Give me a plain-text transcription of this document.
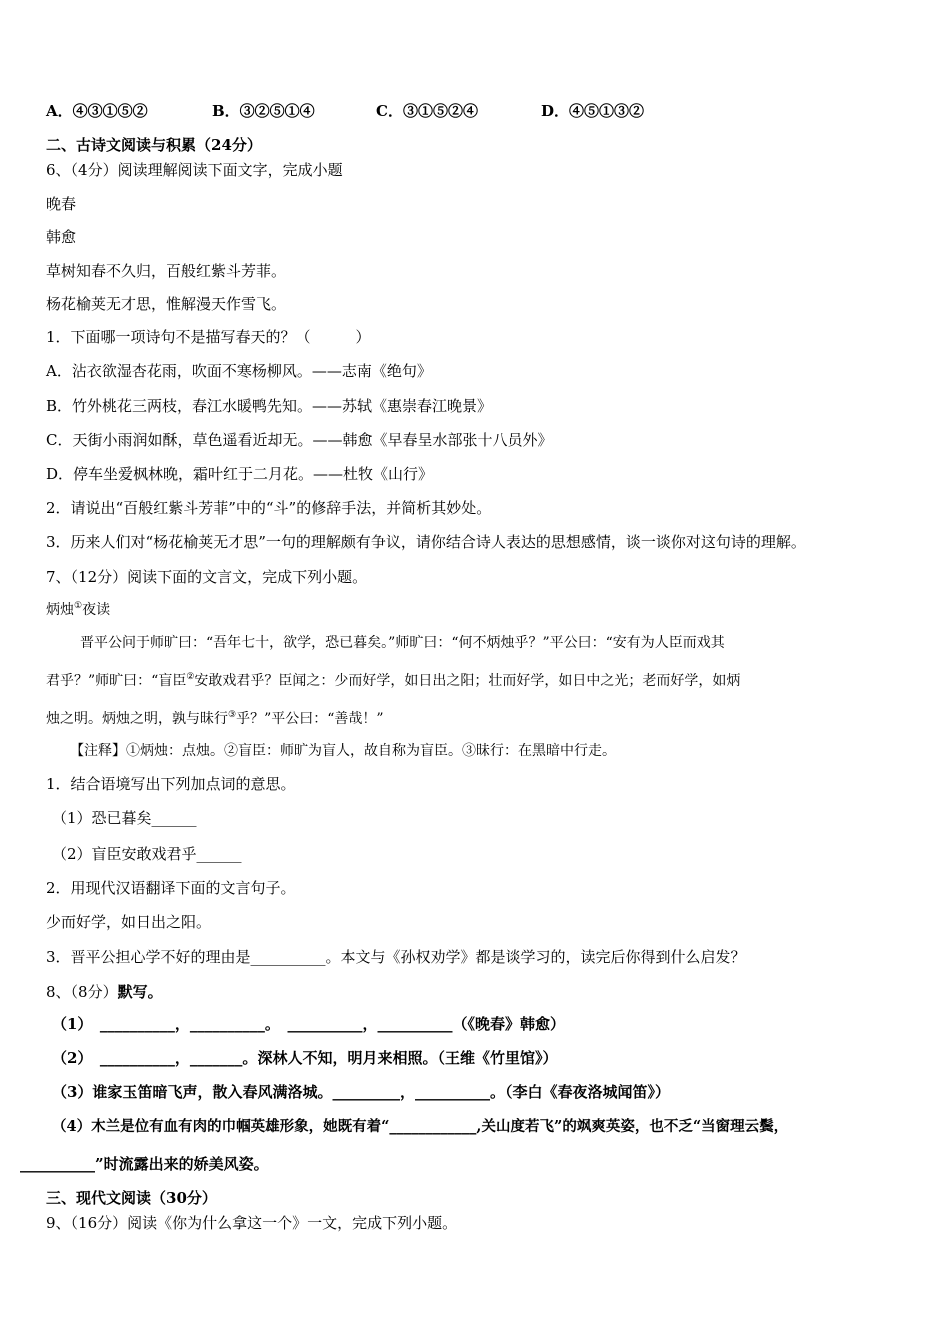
A．④③①⑤②	B．③②⑤①④	C．③①⑤②④	D．④⑤①③②
二、古诗文阅读与积累（24分）
6、（4分）阅读理解阅读下面文字，完成小题
晚春
韩愈
草树知春不久归，百般红紫斗芳菲。
杨花榆荚无才思，惟解漫天作雪飞。
1．下面哪一项诗句不是描写春天的？（　　　）
A．沾衣欲湿杏花雨，吹面不寒杨柳风。——志南《绝句》
B．竹外桃花三两枝，春江水暖鸭先知。——苏轼《惠崇春江晚景》
C．天街小雨润如酥，草色遥看近却无。——韩愈《早春呈水部张十八员外》
D．停车坐爱枫林晚，霜叶红于二月花。——杜牧《山行》
2．请说出“百般红紫斗芳菲”中的“斗”的修辞手法，并简析其妙处。
3．历来人们对“杨花榆荚无才思”一句的理解颇有争议，请你结合诗人表达的思想感情，谈一谈你对这句诗的理解。
7、（12分）阅读下面的文言文，完成下列小题。
炳烛①夜读
晋平公问于师旷曰：“吾年七十，欲学，恐已暮矣。”师旷曰：“何不炳烛乎？”平公曰：“安有为人臣而戏其
君乎？”师旷曰：“盲臣②安敢戏君乎？臣闻之：少而好学，如日出之阳；壮而好学，如日中之光；老而好学，如炳
烛之明。炳烛之明，孰与昧行③乎？”平公曰：“善哉！”
【注释】①炳烛：点烛。②盲臣：师旷为盲人，故自称为盲臣。③昧行：在黑暗中行走。
1．结合语境写出下列加点词的意思。
（1）恐已暮矣______
（2）盲臣安敢戏君乎______
2．用现代汉语翻译下面的文言句子。
少而好学，如日出之阳。
3．晋平公担心学不好的理由是__________。本文与《孙权劝学》都是谈学习的，读完后你得到什么启发？
8、（8分）默写。
（1）　__________，__________。　__________，__________（《晚春》韩愈）
（2）　__________，_______。深林人不知，明月来相照。（王维《竹里馆》）
（3）谁家玉笛暗飞声，散入春风满洛城。_________，__________。（李白《春夜洛城闻笛》）
（4）木兰是位有血有肉的巾帼英雄形象，她既有着“____________,关山度若飞”的飒爽英姿，也不乏“当窗理云鬓，
__________”时流露出来的娇美风姿。
三、现代文阅读（30分）
9、（16分）阅读《你为什么拿这一个》一文，完成下列小题。
